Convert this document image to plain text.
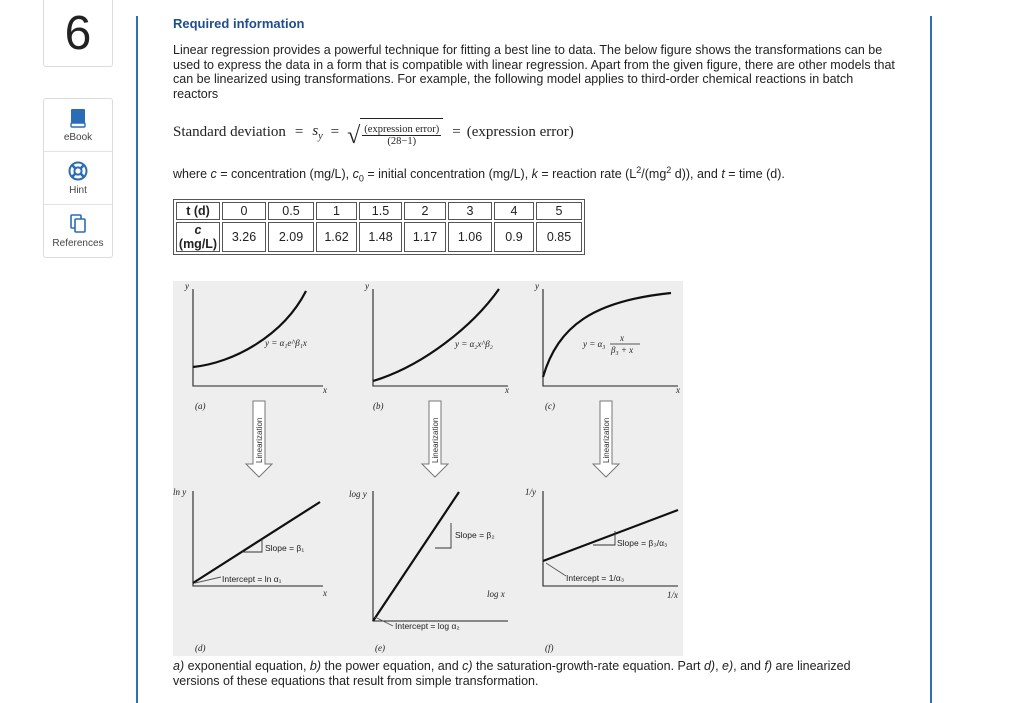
6
eBook
Hint
References
Required information
Linear regression provides a powerful technique for fitting a best line to data. The below figure shows the transformations can be used to express the data in a form that is compatible with linear regression. Apart from the given figure, there are other models that can be linearized using transformations. For example, the following model applies to third-order chemical reactions in batch reactors
Standard deviation = $s_y$ = √ $\frac{\text{(expression error)}}{(28-1)}$ = (expression error)
where c = concentration (mg/L), $c_0$ = initial concentration (mg/L), k = reaction rate ($L^2/(mg^2$ d)), and t = time (d).
t (d)	0	0.5	1	1.5	2	3	4	5
c
(mg/L)	3.26	2.09	1.62	1.48	1.17	1.06	0.9	0.85
y
x
y
x
y
x
y = α₁e^β₁x	y = α₂x^β₂	y = α₃
x
β₃ + x
(a)	(b)	(c)
Linearization	Linearization	Linearization
ln y
x
log y
log x
1/y
1/x
Slope = β₁
Intercept = ln α₁
Slope = β₂
Intercept = log α₂
Slope = β₃/α₃
Intercept = 1/α₃
(d)	(e)	(f)
a) exponential equation, b) the power equation, and c) the saturation-growth-rate equation. Part d), e), and f) are linearized versions of these equations that result from simple transformation.
